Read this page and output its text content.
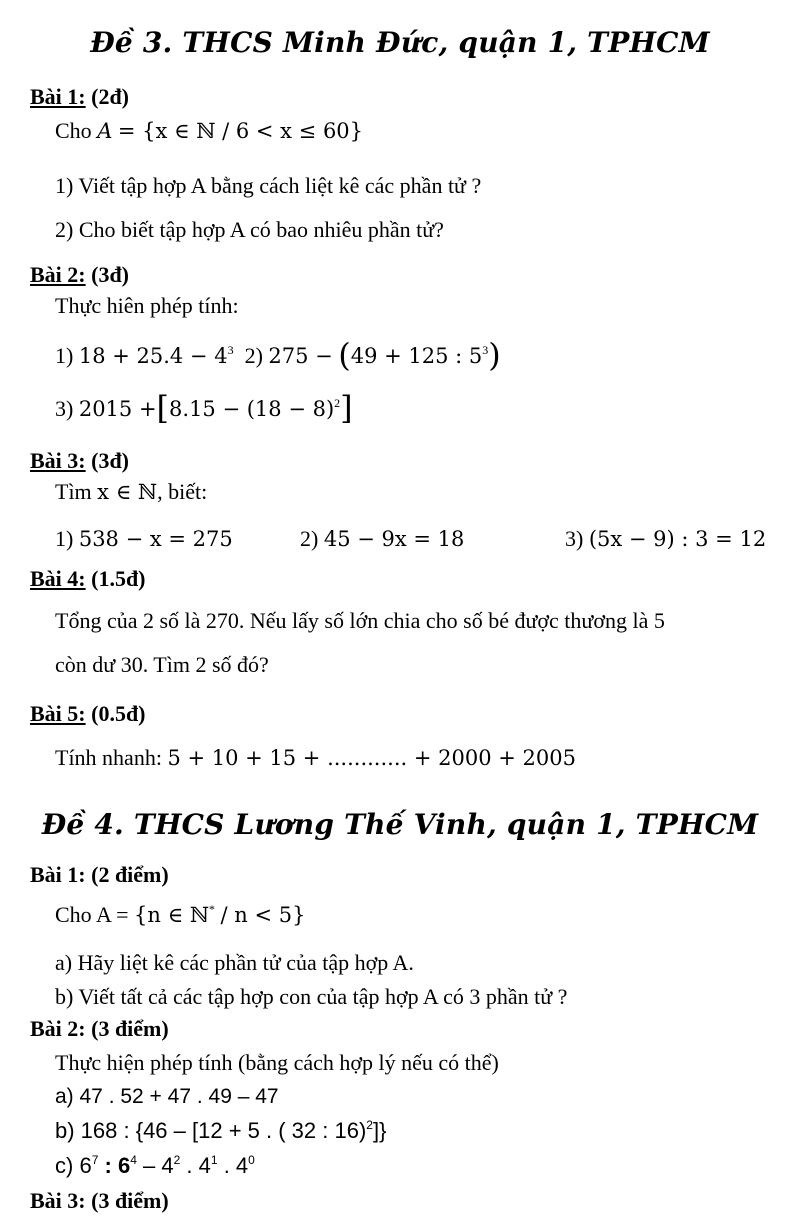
Đề 3. THCS Minh Đức, quận 1, TPHCM
Bài 1: (2đ)
Cho A = {x ∈ ℕ / 6 < x ≤ 60}
1) Viết tập hợp A bằng cách liệt kê các phần tử ?
2) Cho biết tập hợp A có bao nhiêu phần tử?
Bài 2: (3đ)
Thực hiên phép tính:
1) $18 + 25.4 - 4^3$ 2) 275 − (49 + 125 : $5^3$)
3) $2015 +[8.15 - (18 - 8)^2]$
Bài 3: (3đ)
Tìm x ∈ ℕ, biết:
1) 538 − x = 275	2) 45 − 9x = 18	3) (5x − 9) : 3 = 12
Bài 4: (1.5đ)
Tổng của 2 số là 270. Nếu lấy số lớn chia cho số bé được thương là 5
còn dư 30. Tìm 2 số đó?
Bài 5: (0.5đ)
Tính nhanh: 5 + 10 + 15 + ............ + 2000 + 2005
Đề 4. THCS Lương Thế Vinh, quận 1, TPHCM
Bài 1: (2 điểm)
Cho A = {n ∈ ℕ* / n < 5}
a) Hãy liệt kê các phần tử của tập hợp A.
b) Viết tất cả các tập hợp con của tập hợp A có 3 phần tử ?
Bài 2: (3 điểm)
Thực hiện phép tính (bằng cách hợp lý nếu có thể)
a) 47 . 52 + 47 . 49 – 47
b) 168 : {46 – [12 + 5 . ( 32 : 16)$^2$]}
c) $6^7$ : $6^4 - 4^2$ . $4^1$ . $4^0$
Bài 3: (3 điểm)
